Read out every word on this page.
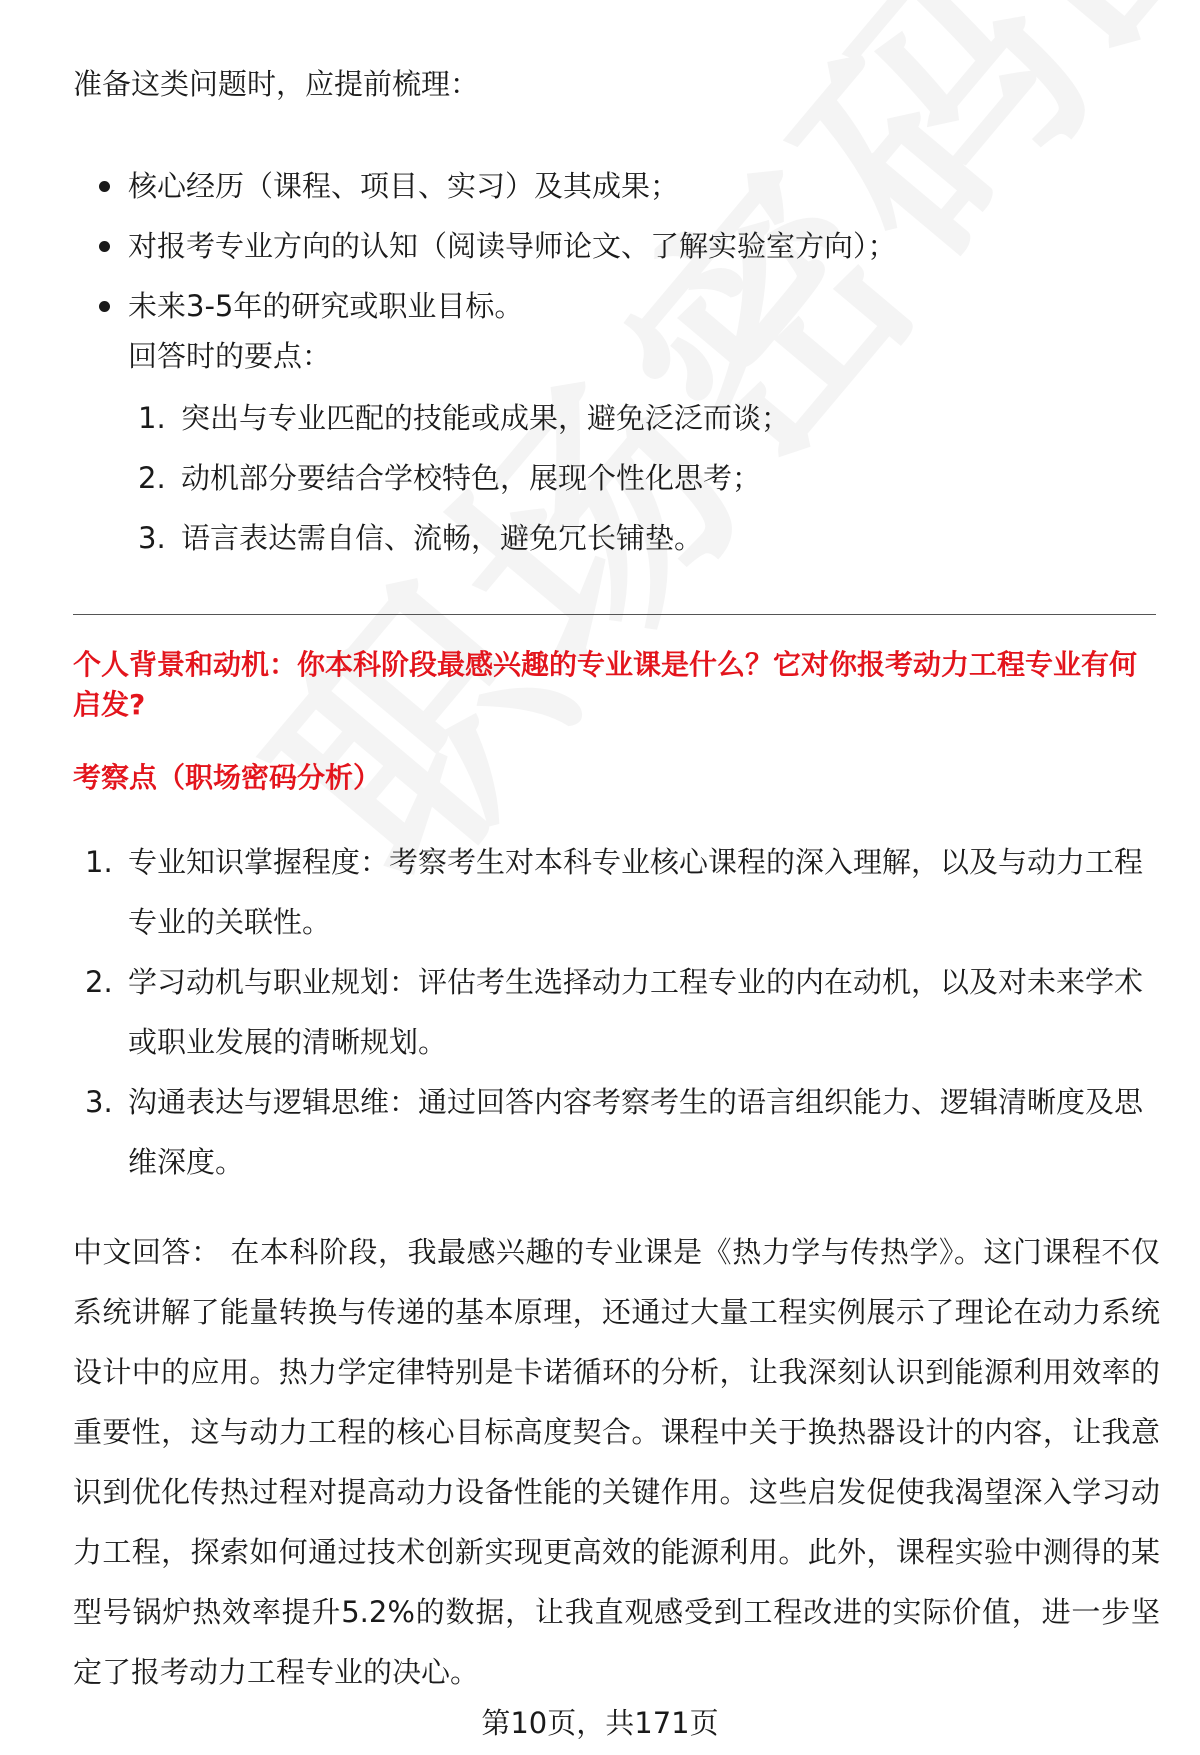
准备这类问题时，应提前梳理：
核心经历（课程、项目、实习）及其成果；
对报考专业方向的认知（阅读导师论文、了解实验室方向）；
未来3-5年的研究或职业目标。
回答时的要点：
1. 突出与专业匹配的技能或成果，避免泛泛而谈；
2. 动机部分要结合学校特色，展现个性化思考；
3. 语言表达需自信、流畅，避免冗长铺垫。
个人背景和动机：你本科阶段最感兴趣的专业课是什么？它对你报考动力工程专业有何启发?
考察点（职场密码分析）
1. 专业知识掌握程度：考察考生对本科专业核心课程的深入理解，以及与动力工程专业的关联性。
2. 学习动机与职业规划：评估考生选择动力工程专业的内在动机，以及对未来学术或职业发展的清晰规划。
3. 沟通表达与逻辑思维：通过回答内容考察考生的语言组织能力、逻辑清晰度及思维深度。
中文回答： 在本科阶段，我最感兴趣的专业课是《热力学与传热学》。这门课程不仅系统讲解了能量转换与传递的基本原理，还通过大量工程实例展示了理论在动力系统设计中的应用。热力学定律特别是卡诺循环的分析，让我深刻认识到能源利用效率的重要性，这与动力工程的核心目标高度契合。课程中关于换热器设计的内容，让我意识到优化传热过程对提高动力设备性能的关键作用。这些启发促使我渴望深入学习动力工程，探索如何通过技术创新实现更高效的能源利用。此外，课程实验中测得的某型号锅炉热效率提升5.2%的数据，让我直观感受到工程改进的实际价值，进一步坚定了报考动力工程专业的决心。
第10页，共171页
